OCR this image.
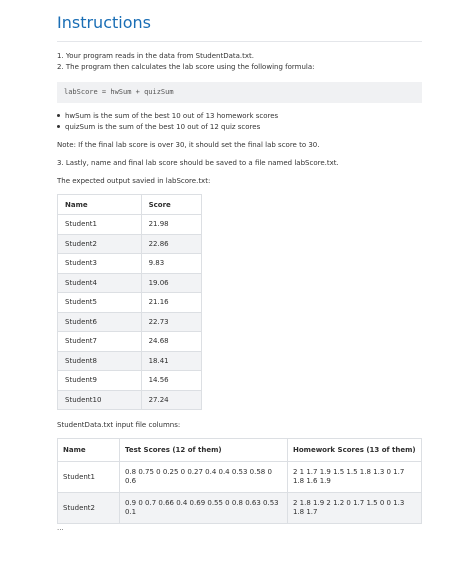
Instructions
1. Your program reads in the data from StudentData.txt.
2. The program then calculates the lab score using the following formula:
labScore = hwSum + quizSum
hwSum is the sum of the best 10 out of 13 homework scores
quizSum is the sum of the best 10 out of 12 quiz scores
Note: If the final lab score is over 30, it should set the final lab score to 30.
3. Lastly, name and final lab score should be saved to a file named labScore.txt.
The expected output savied in labScore.txt:
Name	Score
Student1	21.98
Student2	22.86
Student3	9.83
Student4	19.06
Student5	21.16
Student6	22.73
Student7	24.68
Student8	18.41
Student9	14.56
Student10	27.24
StudentData.txt input file columns:
Name	Test Scores (12 of them)	Homework Scores (13 of them)
Student1	0.8 0.75 0 0.25 0 0.27 0.4 0.4 0.53 0.58 0 0.6	2 1 1.7 1.9 1.5 1.5 1.8 1.3 0 1.7 1.8 1.6 1.9
Student2	0.9 0 0.7 0.66 0.4 0.69 0.55 0 0.8 0.63 0.53 0.1	2 1.8 1.9 2 1.2 0 1.7 1.5 0 0 1.3 1.8 1.7
...
